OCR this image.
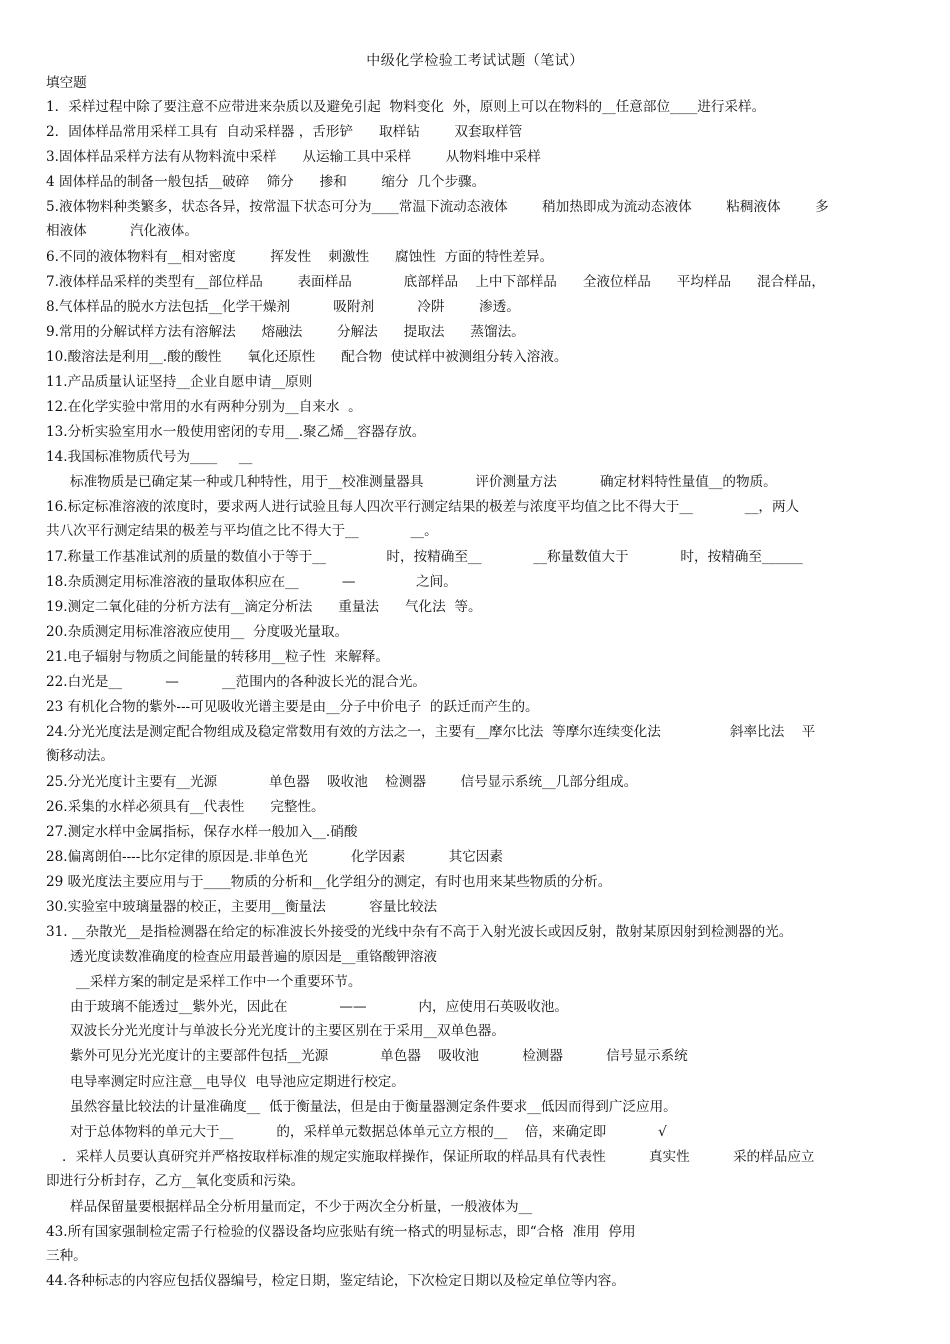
中级化学检验工考试试题（笔试）
填空题
1．采样过程中除了要注意不应带进来杂质以及避免引起  物料变化  外，原则上可以在物料的__任意部位____进行采样。
2．固体样品常用采样工具有  自动采样器 ，舌形铲      取样钻        双套取样管
3.固体样品采样方法有从物料流中采样      从运输工具中采样        从物料堆中采样
4 固体样品的制备一般包括__破碎    筛分      掺和        缩分  几个步骤。
5.液体物料种类繁多，状态各异，按常温下状态可分为____常温下流动态液体        稍加热即成为流动态液体        粘稠液体        多
相液体          汽化液体。
6.不同的液体物料有__相对密度        挥发性    刺激性      腐蚀性  方面的特性差异。
7.液体样品采样的类型有__部位样品        表面样品            底部样品    上中下部样品      全液位样品      平均样品      混合样品，
8.气体样品的脱水方法包括__化学干燥剂          吸附剂          冷阱        渗透。
9.常用的分解试样方法有溶解法      熔融法        分解法      提取法      蒸馏法。
10.酸溶法是利用__.酸的酸性      氧化还原性      配合物  使试样中被测组分转入溶液。
11.产品质量认证坚持__企业自愿申请__原则
12.在化学实验中常用的水有两种分别为__自来水  。
13.分析实验室用水一般使用密闭的专用__.聚乙烯__容器存放。
14.我国标准物质代号为____     __
标准物质是已确定某一种或几种特性，用于__校准测量器具            评价测量方法          确定材料特性量值__的物质。
16.标定标准溶液的浓度时，要求两人进行试验且每人四次平行测定结果的极差与浓度平均值之比不得大于__            __，两人
共八次平行测定结果的极差与平均值之比不得大于__            __。
17.称量工作基准试剂的质量的数值小于等于__              时，按精确至__            __称量数值大于            时，按精确至______
18.杂质测定用标准溶液的量取体积应在__          —              之间。
19.测定二氧化硅的分析方法有__滴定分析法      重量法      气化法  等。
20.杂质测定用标准溶液应使用__  分度吸光量取。
21.电子辐射与物质之间能量的转移用__粒子性  来解释。
22.白光是__          —          __范围内的各种波长光的混合光。
23 有机化合物的紫外---可见吸收光谱主要是由__分子中价电子  的跃迁而产生的。
24.分光光度法是测定配合物组成及稳定常数用有效的方法之一，主要有__摩尔比法  等摩尔连续变化法                斜率比法    平
衡移动法。
25.分光光度计主要有__光源            单色器    吸收池    检测器        信号显示系统__几部分组成。
26.采集的水样必须具有__代表性      完整性。
27.测定水样中金属指标，保存水样一般加入__.硝酸
28.偏离朗伯----比尔定律的原因是.非单色光          化学因素          其它因素
29 吸光度法主要应用与于____物质的分析和__化学组分的测定，有时也用来某些物质的分析。
30.实验室中玻璃量器的校正，主要用__衡量法          容量比较法
31. __杂散光__是指检测器在给定的标准波长外接受的光线中杂有不高于入射光波长或因反射，散射某原因射到检测器的光。
透光度读数准确度的检查应用最普遍的原因是__重铬酸钾溶液
__采样方案的制定是采样工作中一个重要环节。
由于玻璃不能透过__紫外光，因此在            ——            内，应使用石英吸收池。
双波长分光光度计与单波长分光光度计的主要区别在于采用__双单色器。
紫外可见分光光度计的主要部件包括__光源            单色器    吸收池          检测器          信号显示系统
电导率测定时应注意__电导仪  电导池应定期进行校定。
虽然容量比较法的计量准确度__  低于衡量法，但是由于衡量器测定条件要求__低因而得到广泛应用。
对于总体物料的单元大于__          的，采样单元数据总体单元立方根的__    倍，来确定即            √
．采样人员要认真研究并严格按取样标准的规定实施取样操作，保证所取的样品具有代表性          真实性          采的样品应立
即进行分析封存，乙方__氧化变质和污染。
样品保留量要根据样品全分析用量而定，不少于两次全分析量，一般液体为__
43.所有国家强制检定需子行检验的仪器设备均应张贴有统一格式的明显标志，即“合格  准用  停用
三种。
44.各种标志的内容应包括仪器编号，检定日期，鉴定结论，下次检定日期以及检定单位等内容。
